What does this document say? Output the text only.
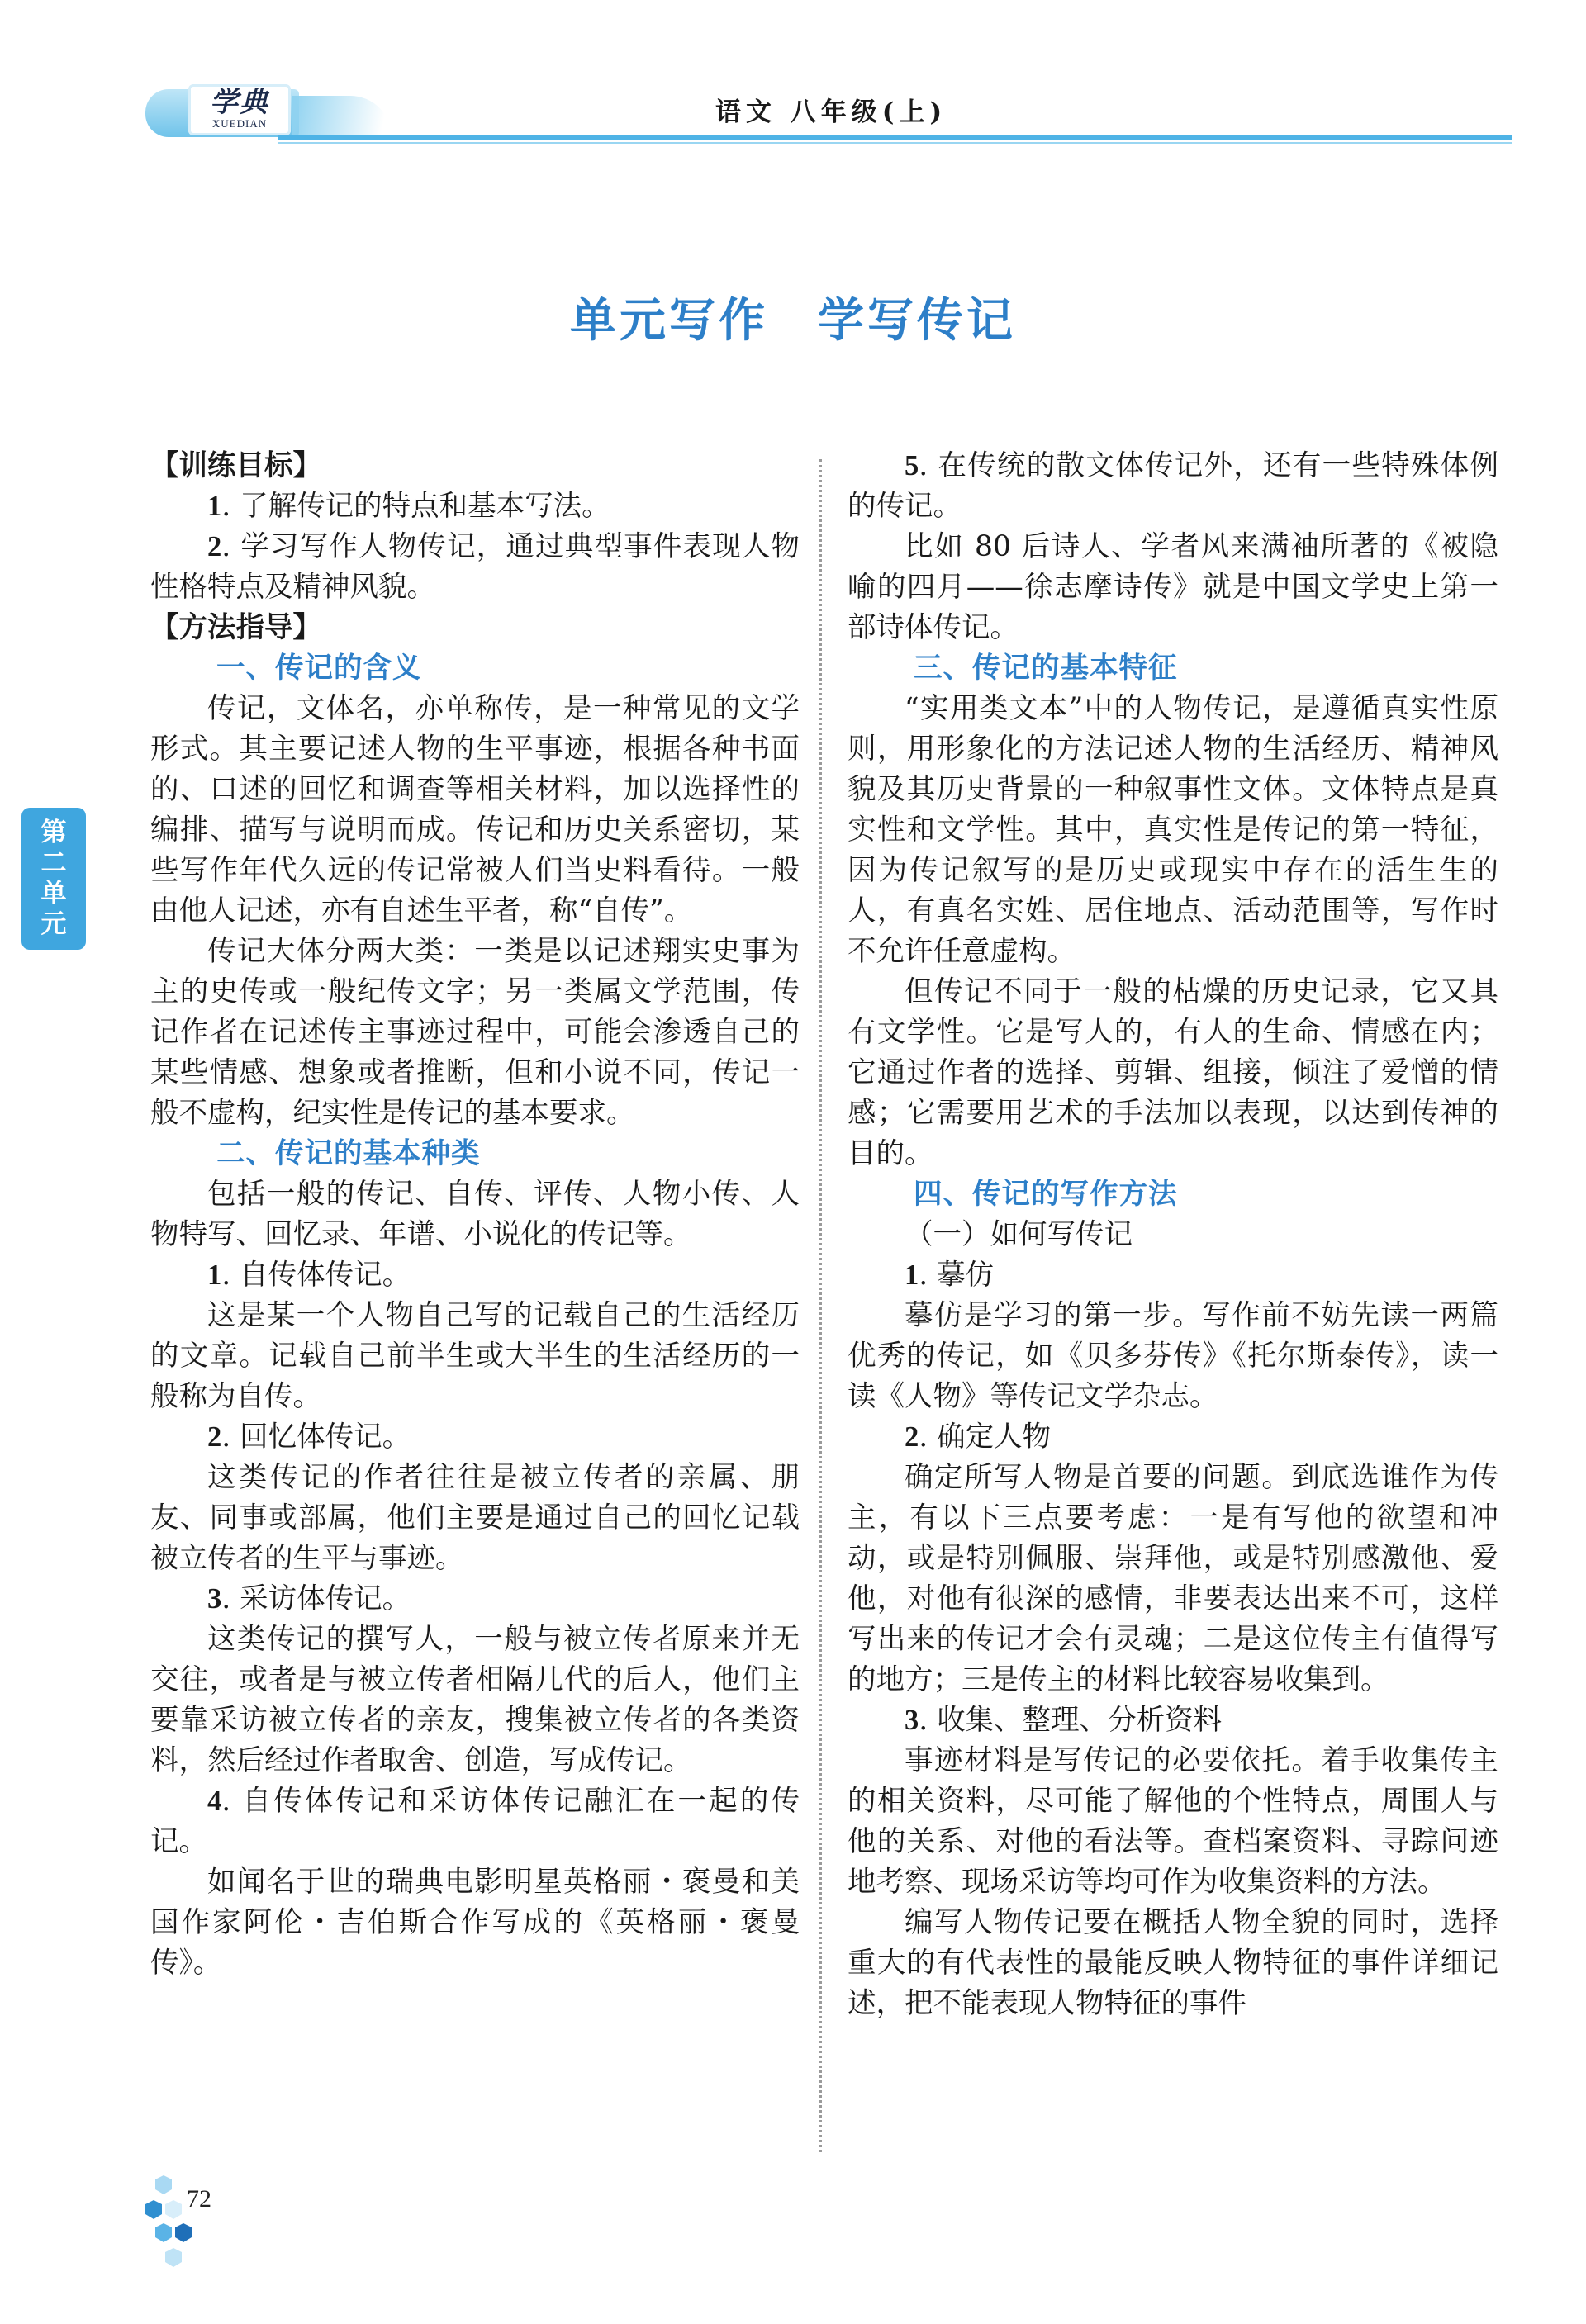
学典
XUEDIAN	语文 八年级(上)
单元写作　学写传记
第
二
单
元

【训练目标】

1. 了解传记的特点和基本写法。

2. 学习写作人物传记，通过典型事件表现人物性格特点及精神风貌。

【方法指导】

一、传记的含义

传记，文体名，亦单称传，是一种常见的文学形式。其主要记述人物的生平事迹，根据各种书面的、口述的回忆和调查等相关材料，加以选择性的编排、描写与说明而成。传记和历史关系密切，某些写作年代久远的传记常被人们当史料看待。一般由他人记述，亦有自述生平者，称“自传”。

传记大体分两大类：一类是以记述翔实史事为主的史传或一般纪传文字；另一类属文学范围，传记作者在记述传主事迹过程中，可能会渗透自己的某些情感、想象或者推断，但和小说不同，传记一般不虚构，纪实性是传记的基本要求。

二、传记的基本种类

包括一般的传记、自传、评传、人物小传、人物特写、回忆录、年谱、小说化的传记等。

1. 自传体传记。

这是某一个人物自己写的记载自己的生活经历的文章。记载自己前半生或大半生的生活经历的一般称为自传。

2. 回忆体传记。

这类传记的作者往往是被立传者的亲属、朋友、同事或部属，他们主要是通过自己的回忆记载被立传者的生平与事迹。

3. 采访体传记。

这类传记的撰写人，一般与被立传者原来并无交往，或者是与被立传者相隔几代的后人，他们主要靠采访被立传者的亲友，搜集被立传者的各类资料，然后经过作者取舍、创造，写成传记。

4. 自传体传记和采访体传记融汇在一起的传记。

如闻名于世的瑞典电影明星英格丽・褒曼和美国作家阿伦・吉伯斯合作写成的《英格丽・褒曼传》。

5. 在传统的散文体传记外，还有一些特殊体例的传记。

比如 80 后诗人、学者风来满袖所著的《被隐喻的四月——徐志摩诗传》就是中国文学史上第一部诗体传记。

三、传记的基本特征

“实用类文本”中的人物传记，是遵循真实性原则，用形象化的方法记述人物的生活经历、精神风貌及其历史背景的一种叙事性文体。文体特点是真实性和文学性。其中，真实性是传记的第一特征，因为传记叙写的是历史或现实中存在的活生生的人，有真名实姓、居住地点、活动范围等，写作时不允许任意虚构。

但传记不同于一般的枯燥的历史记录，它又具有文学性。它是写人的，有人的生命、情感在内；它通过作者的选择、剪辑、组接，倾注了爱憎的情感；它需要用艺术的手法加以表现，以达到传神的目的。

四、传记的写作方法

（一）如何写传记

1. 摹仿

摹仿是学习的第一步。写作前不妨先读一两篇优秀的传记，如《贝多芬传》《托尔斯泰传》，读一读《人物》等传记文学杂志。

2. 确定人物

确定所写人物是首要的问题。到底选谁作为传主，有以下三点要考虑：一是有写他的欲望和冲动，或是特别佩服、崇拜他，或是特别感激他、爱他，对他有很深的感情，非要表达出来不可，这样写出来的传记才会有灵魂；二是这位传主有值得写的地方；三是传主的材料比较容易收集到。

3. 收集、整理、分析资料

事迹材料是写传记的必要依托。着手收集传主的相关资料，尽可能了解他的个性特点，周围人与他的关系、对他的看法等。查档案资料、寻踪问迹地考察、现场采访等均可作为收集资料的方法。

编写人物传记要在概括人物全貌的同时，选择重大的有代表性的最能反映人物特征的事件详细记述，把不能表现人物特征的事件

72
